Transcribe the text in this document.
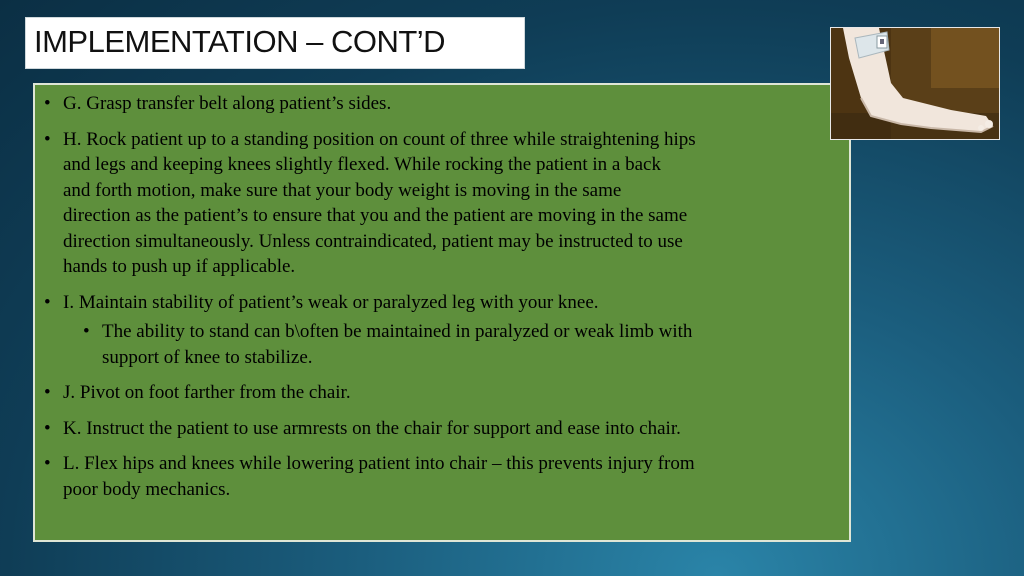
IMPLEMENTATION – CONT’D
• G. Grasp transfer belt along patient’s sides.
• H. Rock patient up to a standing position on count of three while straightening hips
and legs and keeping knees slightly flexed. While rocking the patient in a back
and forth motion, make sure that your body weight is moving in the same
direction as the patient’s to ensure that you and the patient are moving in the same
direction simultaneously. Unless contraindicated, patient may be instructed to use
hands to push up if applicable.
• I. Maintain stability of patient’s weak or paralyzed leg with your knee.
• The ability to stand can b\often be maintained in paralyzed or weak limb with
support of knee to stabilize.
• J. Pivot on foot farther from the chair.
• K. Instruct the patient to use armrests on the chair for support and ease into chair.
• L. Flex hips and knees while lowering patient into chair – this prevents injury from
poor body mechanics.
